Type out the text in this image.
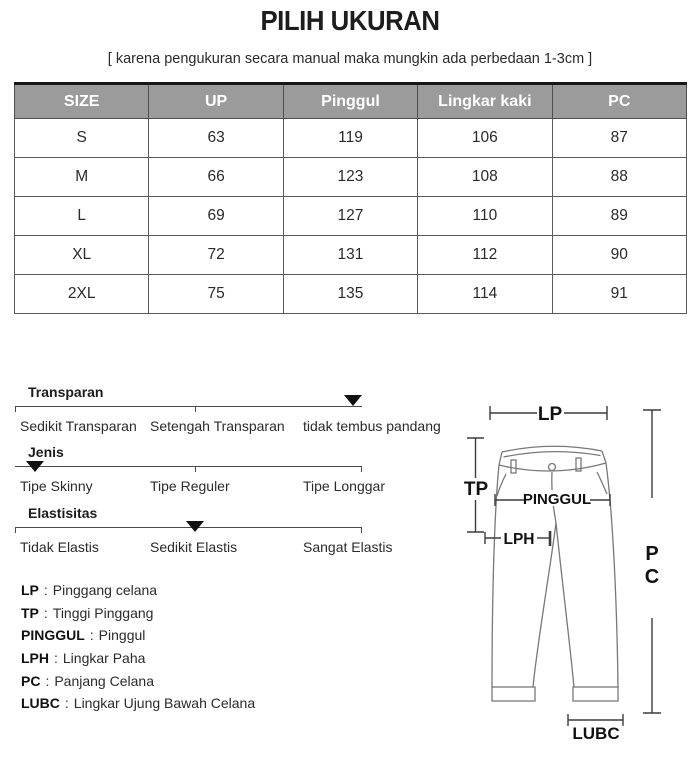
PILIH UKURAN
[ karena pengukuran secara manual maka mungkin ada perbedaan 1-3cm ]
SIZE	UP	Pinggul	Lingkar kaki	PC
S	63	119	106	87
M	66	123	108	88
L	69	127	110	89
XL	72	131	112	90
2XL	75	135	114	91
Transparan
Sedikit Transparan Setengah Transparan tidak tembus pandang
Jenis
Tipe Skinny	Tipe Reguler	Tipe Longgar
Elastisitas
Tidak Elastis	Sedikit Elastis	Sangat Elastis
LP : Pinggang celana
TP : Tinggi Pinggang
PINGGUL : Pinggul
LPH : Lingkar Paha
PC : Panjang Celana
LUBC : Lingkar Ujung Bawah Celana
LP
TP
P
C
PINGGUL
LPH
LUBC
